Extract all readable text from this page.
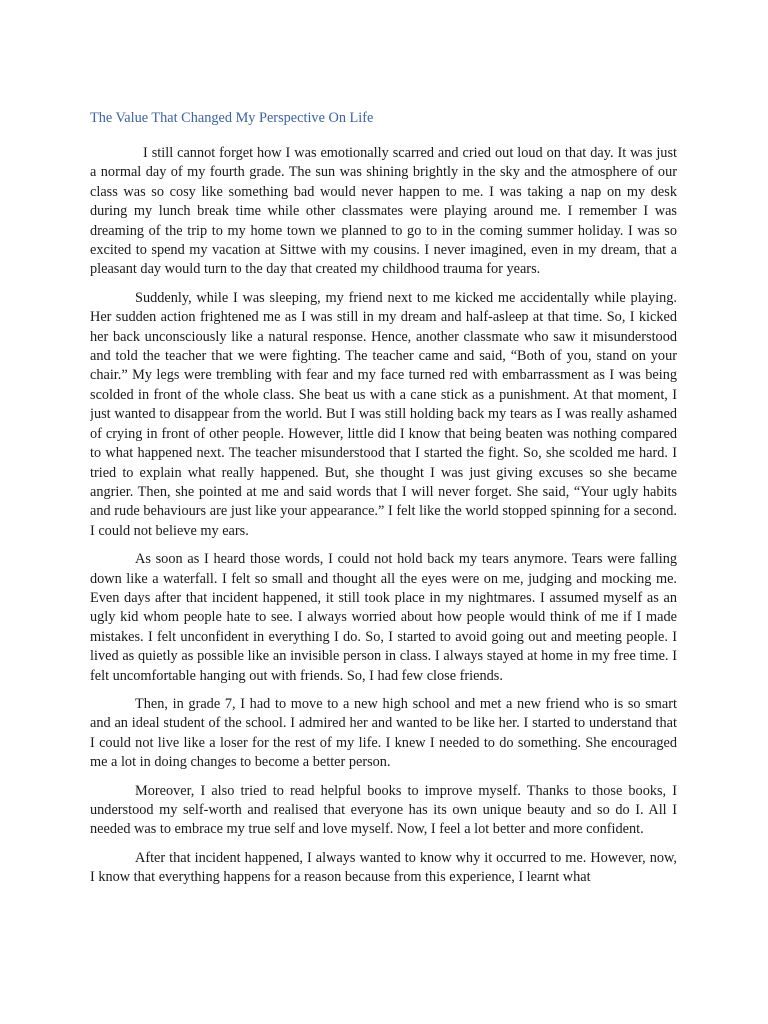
The Value That Changed My Perspective On Life

I still cannot forget how I was emotionally scarred and cried out loud on that day. It was just a normal day of my fourth grade. The sun was shining brightly in the sky and the atmosphere of our class was so cosy like something bad would never happen to me. I was taking a nap on my desk during my lunch break time while other classmates were playing around me. I remember I was dreaming of the trip to my home town we planned to go to in the coming summer holiday. I was so excited to spend my vacation at Sittwe with my cousins. I never imagined, even in my dream, that a pleasant day would turn to the day that created my childhood trauma for years.

Suddenly, while I was sleeping, my friend next to me kicked me accidentally while playing. Her sudden action frightened me as I was still in my dream and half-asleep at that time. So, I kicked her back unconsciously like a natural response. Hence, another classmate who saw it misunderstood and told the teacher that we were fighting. The teacher came and said, “Both of you, stand on your chair.” My legs were trembling with fear and my face turned red with embarrassment as I was being scolded in front of the whole class. She beat us with a cane stick as a punishment. At that moment, I just wanted to disappear from the world. But I was still holding back my tears as I was really ashamed of crying in front of other people. However, little did I know that being beaten was nothing compared to what happened next. The teacher misunderstood that I started the fight. So, she scolded me hard. I tried to explain what really happened. But, she thought I was just giving excuses so she became angrier. Then, she pointed at me and said words that I will never forget. She said, “Your ugly habits and rude behaviours are just like your appearance.” I felt like the world stopped spinning for a second. I could not believe my ears.

As soon as I heard those words, I could not hold back my tears anymore. Tears were falling down like a waterfall. I felt so small and thought all the eyes were on me, judging and mocking me. Even days after that incident happened, it still took place in my nightmares. I assumed myself as an ugly kid whom people hate to see. I always worried about how people would think of me if I made mistakes. I felt unconfident in everything I do. So, I started to avoid going out and meeting people. I lived as quietly as possible like an invisible person in class. I always stayed at home in my free time. I felt uncomfortable hanging out with friends. So, I had few close friends.

Then, in grade 7, I had to move to a new high school and met a new friend who is so smart and an ideal student of the school. I admired her and wanted to be like her. I started to understand that I could not live like a loser for the rest of my life. I knew I needed to do something. She encouraged me a lot in doing changes to become a better person.

Moreover, I also tried to read helpful books to improve myself. Thanks to those books, I understood my self-worth and realised that everyone has its own unique beauty and so do I. All I needed was to embrace my true self and love myself. Now, I feel a lot better and more confident.

After that incident happened, I always wanted to know why it occurred to me. However, now, I know that everything happens for a reason because from this experience, I learnt what
